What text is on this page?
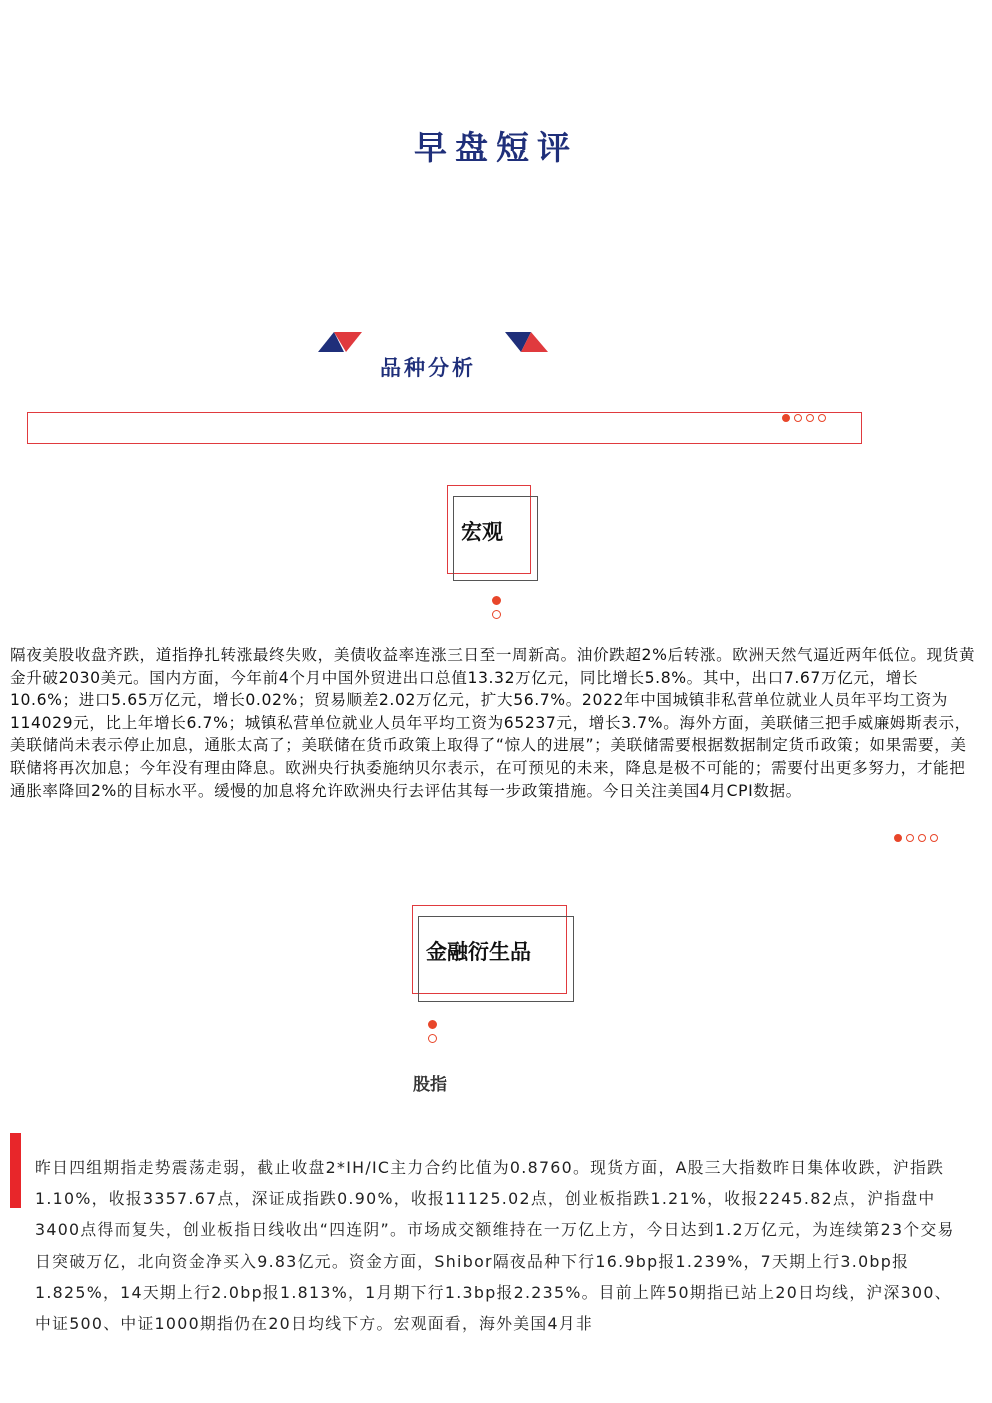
早盘短评
品种分析
宏观
隔夜美股收盘齐跌，道指挣扎转涨最终失败，美债收益率连涨三日至一周新高。油价跌超2%后转涨。欧洲天然气逼近两年低位。现货黄金升破2030美元。国内方面，今年前4个月中国外贸进出口总值13.32万亿元，同比增长5.8%。其中，出口7.67万亿元，增长10.6%；进口5.65万亿元，增长0.02%；贸易顺差2.02万亿元，扩大56.7%。2022年中国城镇非私营单位就业人员年平均工资为114029元，比上年增长6.7%；城镇私营单位就业人员年平均工资为65237元，增长3.7%。海外方面，美联储三把手威廉姆斯表示，美联储尚未表示停止加息，通胀太高了；美联储在货币政策上取得了“惊人的进展”；美联储需要根据数据制定货币政策；如果需要，美联储将再次加息；今年没有理由降息。欧洲央行执委施纳贝尔表示，在可预见的未来，降息是极不可能的；需要付出更多努力，才能把通胀率降回2%的目标水平。缓慢的加息将允许欧洲央行去评估其每一步政策措施。今日关注美国4月CPI数据。
金融衍生品
股指
昨日四组期指走势震荡走弱，截止收盘2*IH/IC主力合约比值为0.8760。现货方面，A股三大指数昨日集体收跌，沪指跌1.10%，收报3357.67点，深证成指跌0.90%，收报11125.02点，创业板指跌1.21%，收报2245.82点，沪指盘中3400点得而复失，创业板指日线收出“四连阴”。市场成交额维持在一万亿上方，今日达到1.2万亿元，为连续第23个交易日突破万亿，北向资金净买入9.83亿元。资金方面，Shibor隔夜品种下行16.9bp报1.239%，7天期上行3.0bp报1.825%，14天期上行2.0bp报1.813%，1月期下行1.3bp报2.235%。目前上阵50期指已站上20日均线，沪深300、中证500、中证1000期指仍在20日均线下方。宏观面看，海外美国4月非
